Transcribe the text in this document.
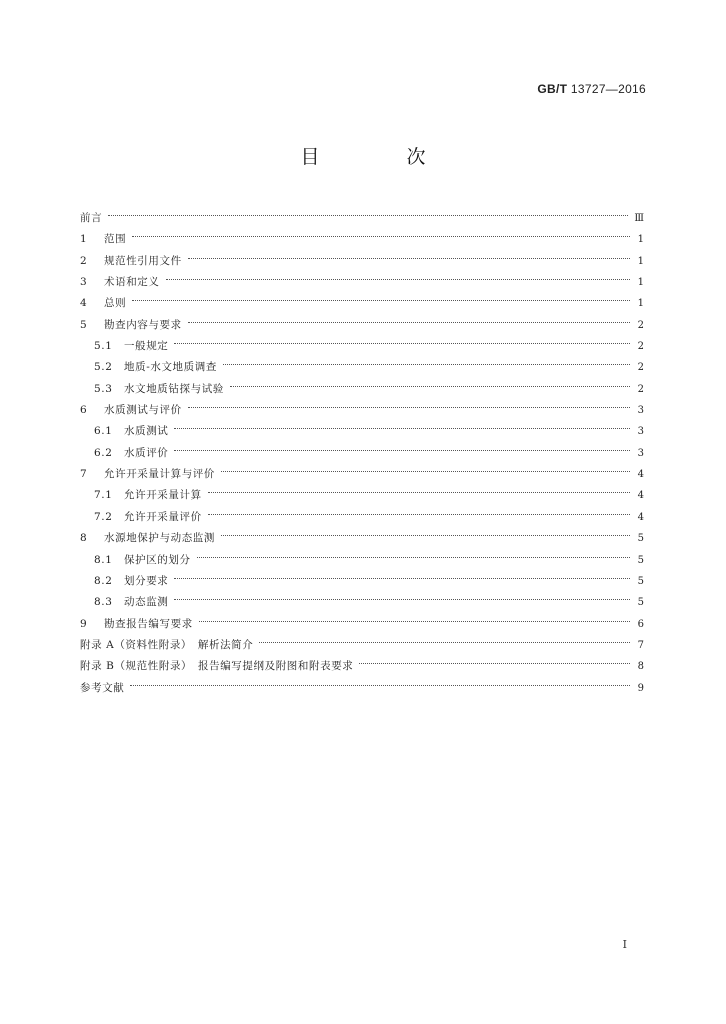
GB/T 13727—2016
目　次
前言	Ⅲ
1 范围	1
2 规范性引用文件	1
3 术语和定义	1
4 总则	1
5 勘查内容与要求	2
5.1 一般规定	2
5.2 地质-水文地质调查	2
5.3 水文地质钻探与试验	2
6 水质测试与评价	3
6.1 水质测试	3
6.2 水质评价	3
7 允许开采量计算与评价	4
7.1 允许开采量计算	4
7.2 允许开采量评价	4
8 水源地保护与动态监测	5
8.1 保护区的划分	5
8.2 划分要求	5
8.3 动态监测	5
9 勘查报告编写要求	6
附录 A（资料性附录）　解析法简介	7
附录 B（规范性附录）　报告编写提纲及附图和附表要求	8
参考文献	9
I
